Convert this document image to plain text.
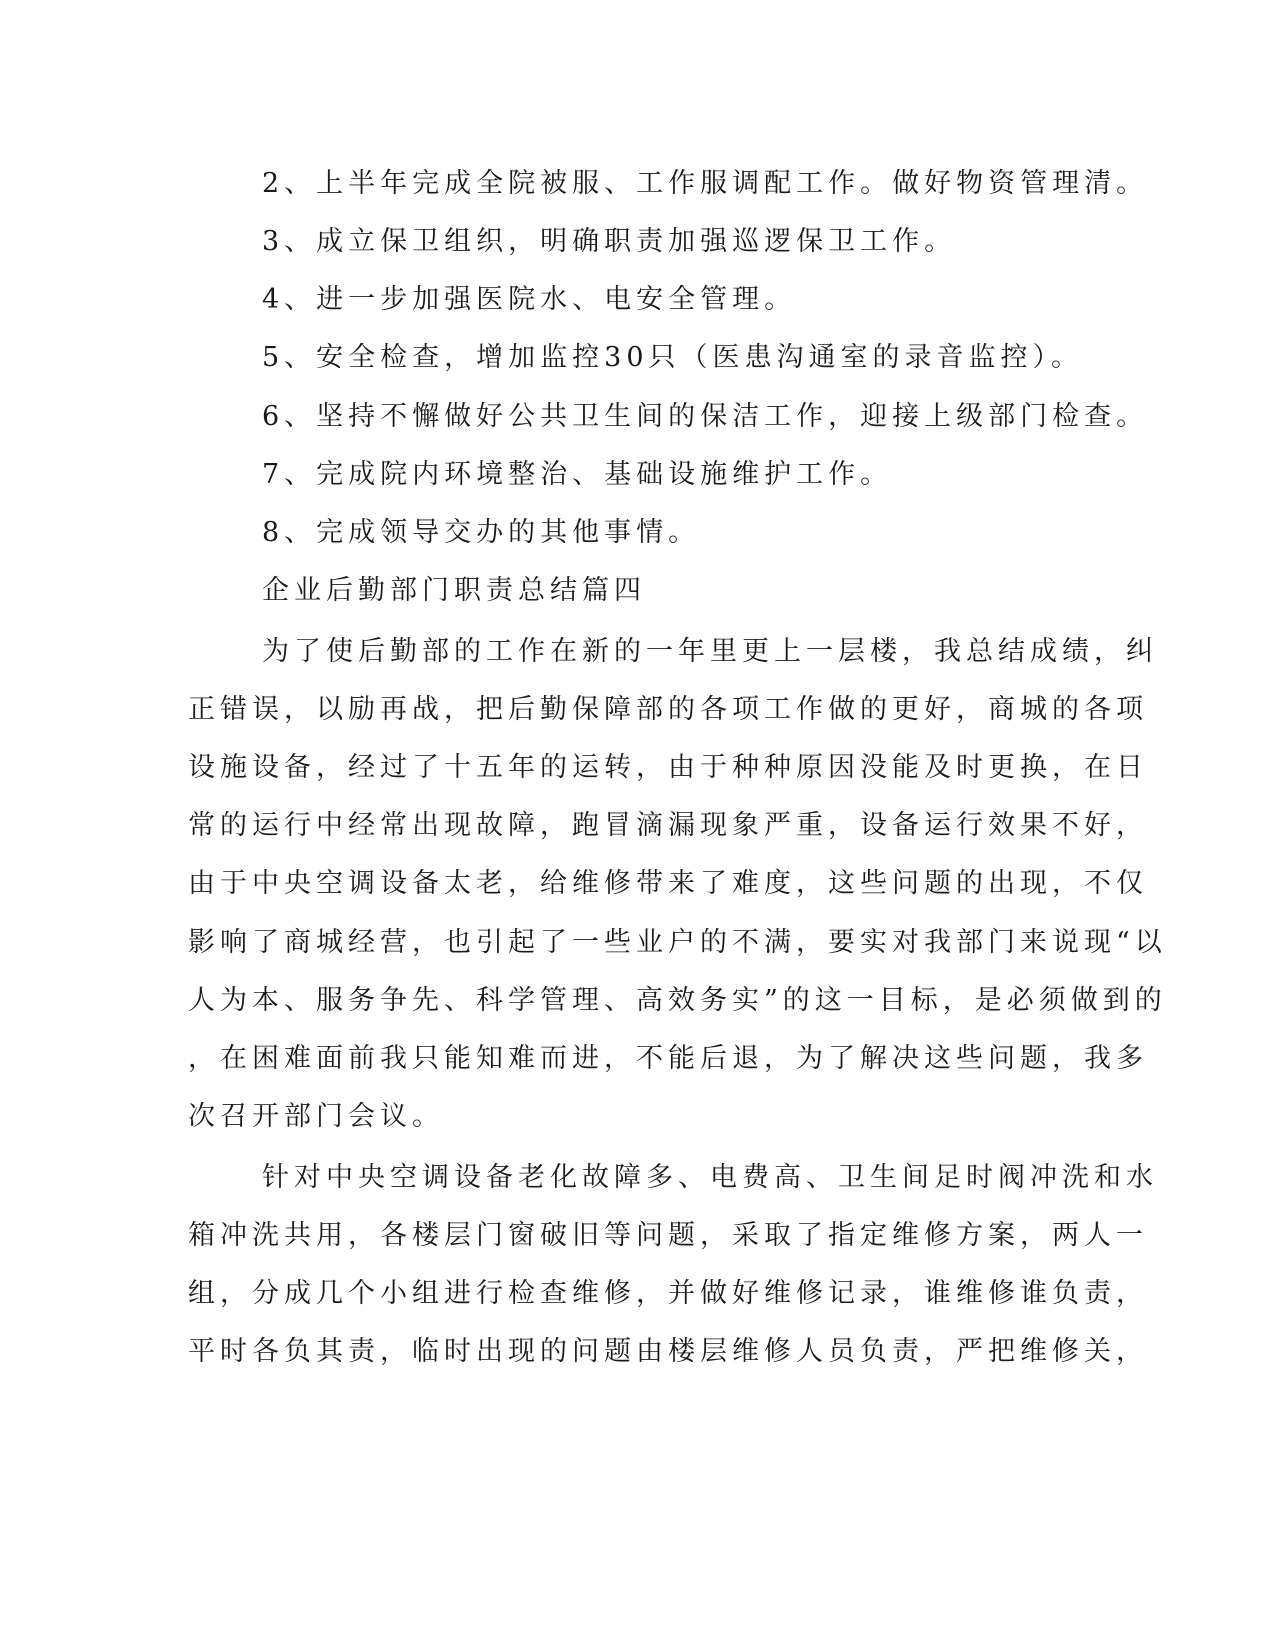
2、上半年完成全院被服、工作服调配工作。做好物资管理清。
3、成立保卫组织，明确职责加强巡逻保卫工作。
4、进一步加强医院水、电安全管理。
5、安全检查，增加监控30只（医患沟通室的录音监控）。
6、坚持不懈做好公共卫生间的保洁工作，迎接上级部门检查。
7、完成院内环境整治、基础设施维护工作。
8、完成领导交办的其他事情。
企业后勤部门职责总结篇四
为了使后勤部的工作在新的一年里更上一层楼，我总结成绩，纠
正错误，以励再战，把后勤保障部的各项工作做的更好，商城的各项
设施设备，经过了十五年的运转，由于种种原因没能及时更换，在日
常的运行中经常出现故障，跑冒滴漏现象严重，设备运行效果不好，
由于中央空调设备太老，给维修带来了难度，这些问题的出现，不仅
影响了商城经营，也引起了一些业户的不满，要实对我部门来说现“以
人为本、服务争先、科学管理、高效务实”的这一目标，是必须做到的
，在困难面前我只能知难而进，不能后退，为了解决这些问题，我多
次召开部门会议。
针对中央空调设备老化故障多、电费高、卫生间足时阀冲洗和水
箱冲洗共用，各楼层门窗破旧等问题，采取了指定维修方案，两人一
组，分成几个小组进行检查维修，并做好维修记录，谁维修谁负责，
平时各负其责，临时出现的问题由楼层维修人员负责，严把维修关，
